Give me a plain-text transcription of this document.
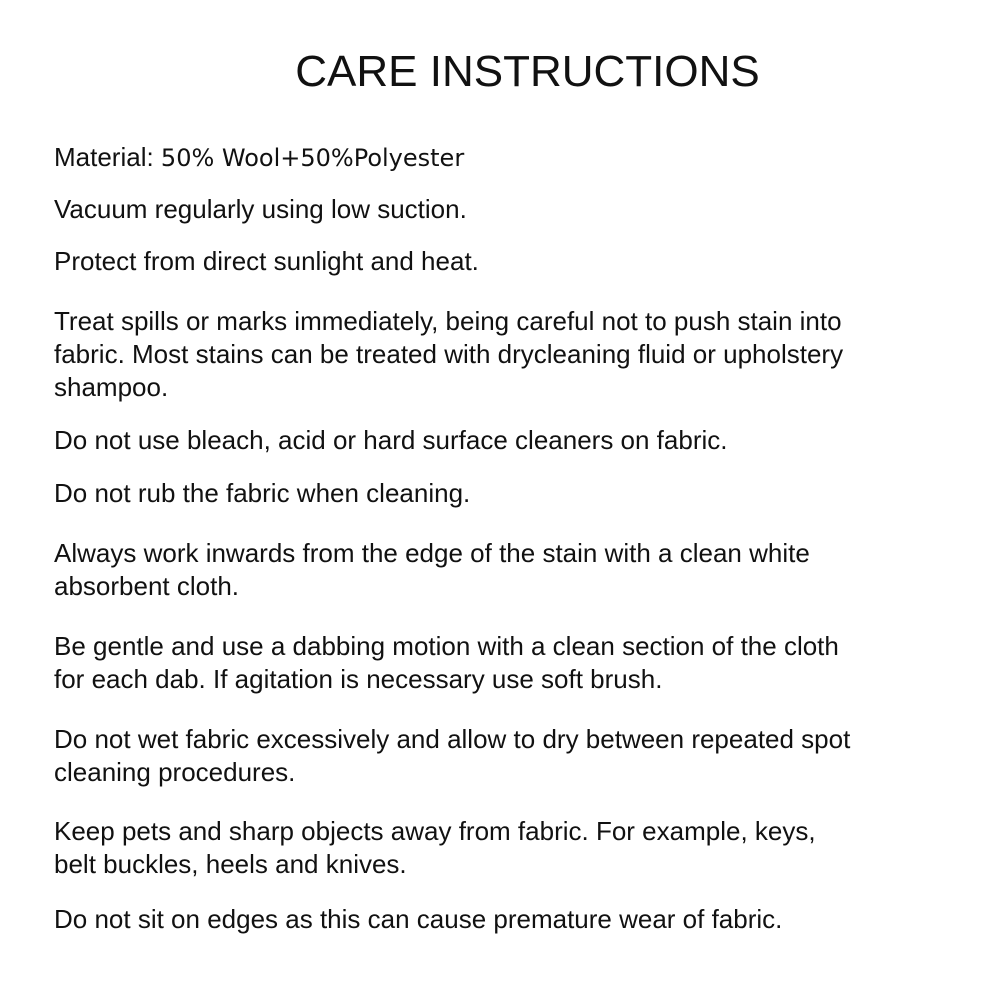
CARE INSTRUCTIONS

Material: 50% Wool+50%Polyester

Vacuum regularly using low suction.

Protect from direct sunlight and heat.

Treat spills or marks immediately, being careful not to push stain into
fabric. Most stains can be treated with drycleaning fluid or upholstery
shampoo.

Do not use bleach, acid or hard surface cleaners on fabric.

Do not rub the fabric when cleaning.

Always work inwards from the edge of the stain with a clean white
absorbent cloth.

Be gentle and use a dabbing motion with a clean section of the cloth
for each dab. If agitation is necessary use soft brush.

Do not wet fabric excessively and allow to dry between repeated spot
cleaning procedures.

Keep pets and sharp objects away from fabric. For example, keys,
belt buckles, heels and knives.

Do not sit on edges as this can cause premature wear of fabric.
